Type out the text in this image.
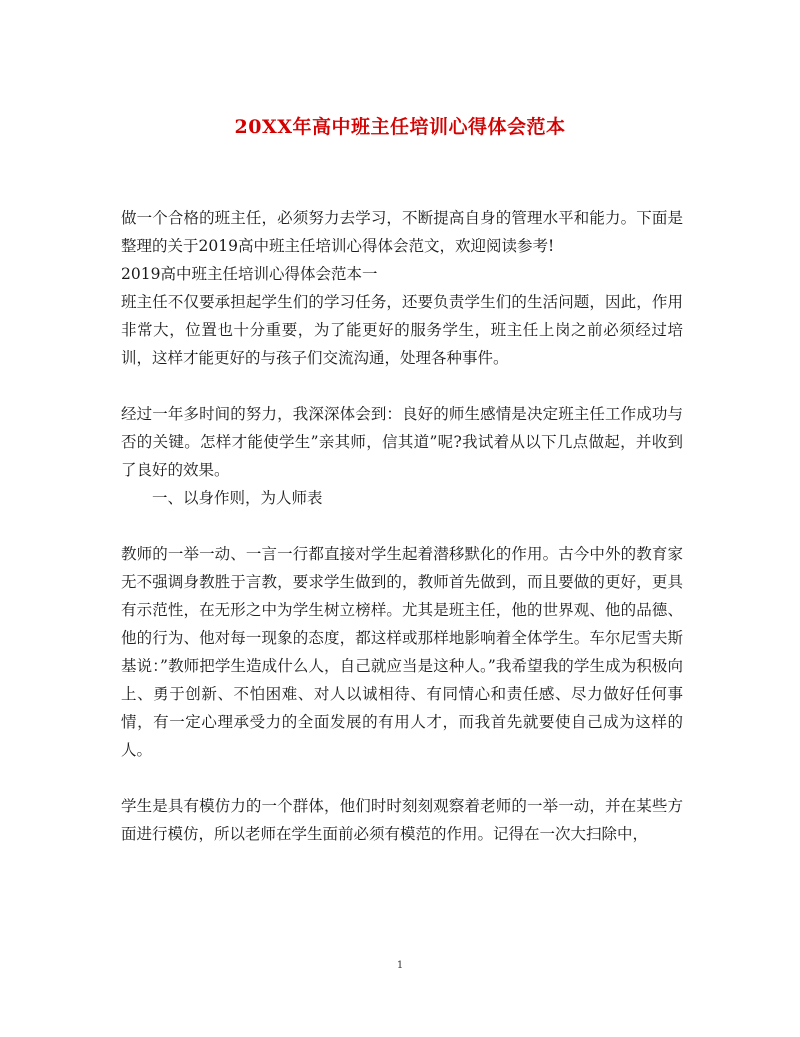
20XX年高中班主任培训心得体会范本

做一个合格的班主任，必须努力去学习，不断提高自身的管理水平和能力。下面是整理的关于2019高中班主任培训心得体会范文，欢迎阅读参考!

2019高中班主任培训心得体会范本一

班主任不仅要承担起学生们的学习任务，还要负责学生们的生活问题，因此，作用非常大，位置也十分重要，为了能更好的服务学生，班主任上岗之前必须经过培训，这样才能更好的与孩子们交流沟通，处理各种事件。

经过一年多时间的努力，我深深体会到：良好的师生感情是决定班主任工作成功与否的关键。怎样才能使学生”亲其师，信其道”呢?我试着从以下几点做起，并收到了良好的效果。

一、以身作则，为人师表

教师的一举一动、一言一行都直接对学生起着潜移默化的作用。古今中外的教育家无不强调身教胜于言教，要求学生做到的，教师首先做到，而且要做的更好，更具有示范性，在无形之中为学生树立榜样。尤其是班主任，他的世界观、他的品德、他的行为、他对每一现象的态度，都这样或那样地影响着全体学生。车尔尼雪夫斯基说：”教师把学生造成什么人，自己就应当是这种人。”我希望我的学生成为积极向上、勇于创新、不怕困难、对人以诚相待、有同情心和责任感、尽力做好任何事情，有一定心理承受力的全面发展的有用人才，而我首先就要使自己成为这样的人。

学生是具有模仿力的一个群体，他们时时刻刻观察着老师的一举一动，并在某些方面进行模仿，所以老师在学生面前必须有模范的作用。记得在一次大扫除中，

1
